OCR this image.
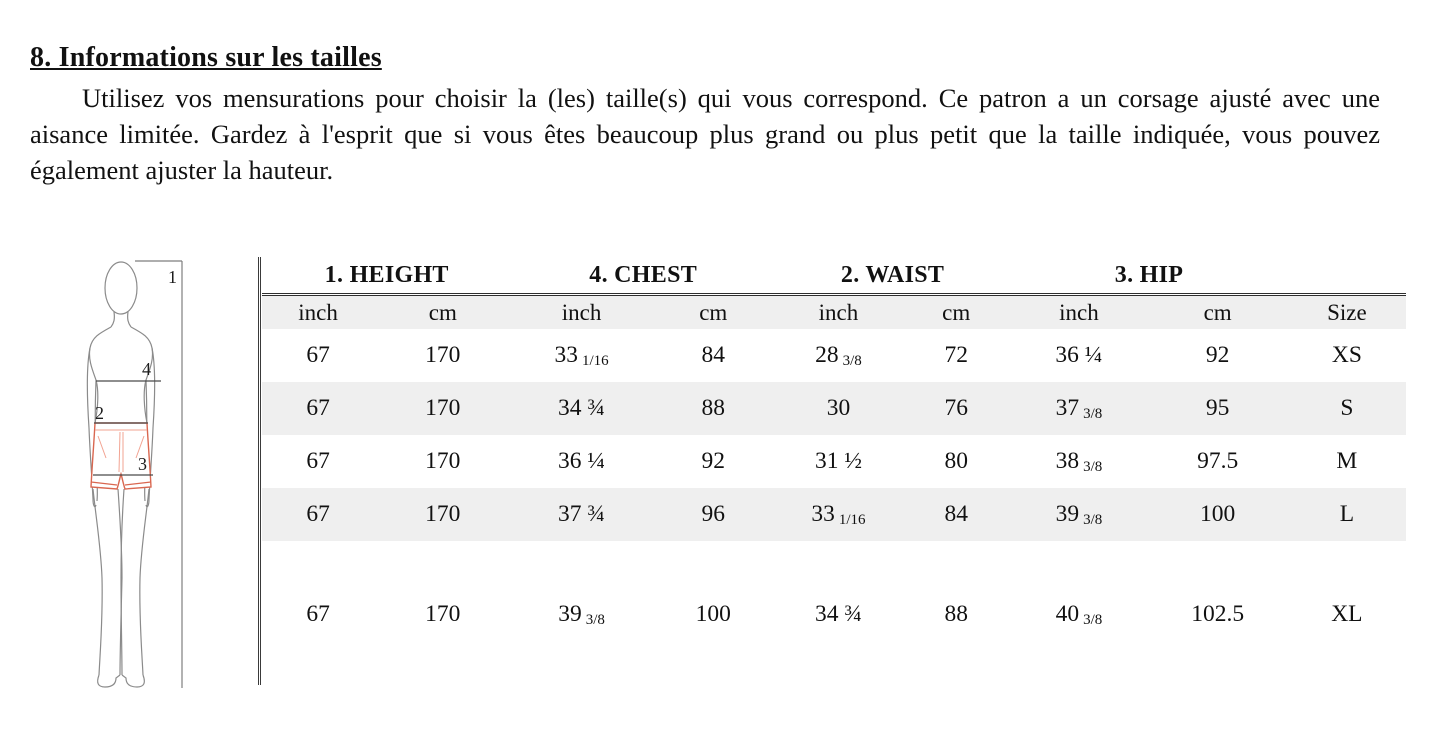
8. Informations sur les tailles
Utilisez vos mensurations pour choisir la (les) taille(s) qui vous correspond. Ce patron a un corsage ajusté avec une aisance limitée. Gardez à l'esprit que si vous êtes beaucoup plus grand ou plus petit que la taille indiquée, vous pouvez également ajuster la hauteur.
1
4
2
3
1. HEIGHT		4. CHEST		2. WAIST		3. HIP		
inch	cm	inch	cm	inch	cm	inch	cm	Size
67	170	33 1/16	84	28 3/8	72	36 ¼	92	XS
67	170	34 ¾	88	30	76	37 3/8	95	S
67	170	36 ¼	92	31 ½	80	38 3/8	97.5	M
67	170	37 ¾	96	33 1/16	84	39 3/8	100	L

67	170	39 3/8	100	34 ¾	88	40 3/8	102.5	XL
